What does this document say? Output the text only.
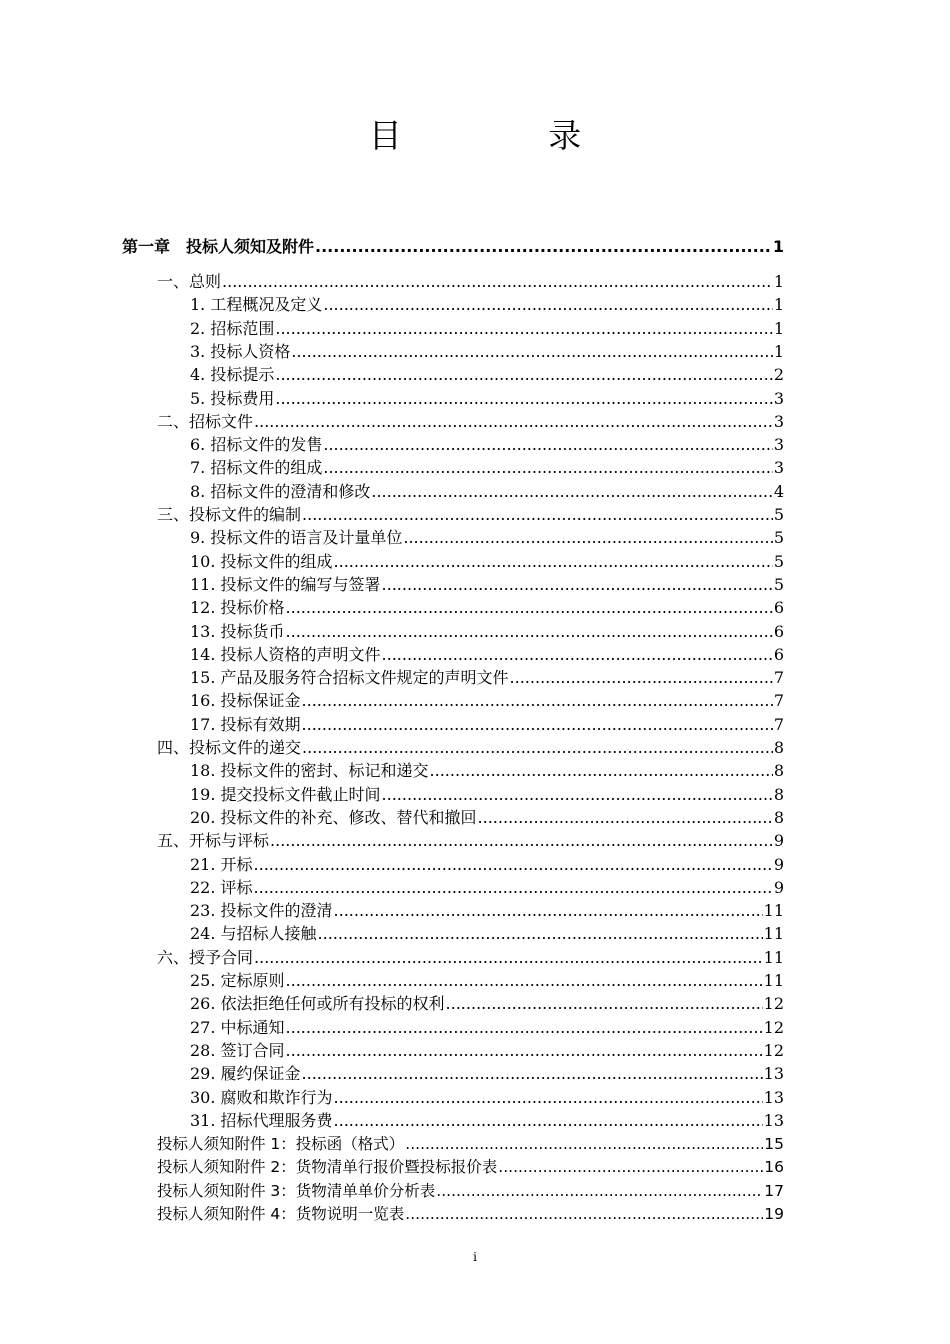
目 录
第一章　投标人须知及附件 .....	1
一、总则 .....	1
1. 工程概况及定义 .....	1
2. 招标范围 .....	1
3. 投标人资格 .....	1
4. 投标提示 .....	2
5. 投标费用 .....	3
二、招标文件 .....	3
6. 招标文件的发售 .....	3
7. 招标文件的组成 .....	3
8. 招标文件的澄清和修改 .....	4
三、投标文件的编制 .....	5
9. 投标文件的语言及计量单位 .....	5
10. 投标文件的组成 .....	5
11. 投标文件的编写与签署 .....	5
12. 投标价格 .....	6
13. 投标货币 .....	6
14. 投标人资格的声明文件 .....	6
15. 产品及服务符合招标文件规定的声明文件 .....	7
16. 投标保证金 .....	7
17. 投标有效期 .....	7
四、投标文件的递交 .....	8
18. 投标文件的密封、标记和递交 .....	8
19. 提交投标文件截止时间 .....	8
20. 投标文件的补充、修改、替代和撤回 .....	8
五、开标与评标 .....	9
21. 开标 .....	9
22. 评标 .....	9
23. 投标文件的澄清 .....	11
24. 与招标人接触 .....	11
六、授予合同 .....	11
25. 定标原则 .....	11
26. 依法拒绝任何或所有投标的权利 .....	12
27. 中标通知 .....	12
28. 签订合同 .....	12
29. 履约保证金 .....	13
30. 腐败和欺诈行为 .....	13
31. 招标代理服务费 .....	13
投标人须知附件 1：投标函（格式） .....	15
投标人须知附件 2：货物清单行报价暨投标报价表 .....	16
投标人须知附件 3：货物清单单价分析表 .....	17
投标人须知附件 4：货物说明一览表 .....	19
i
